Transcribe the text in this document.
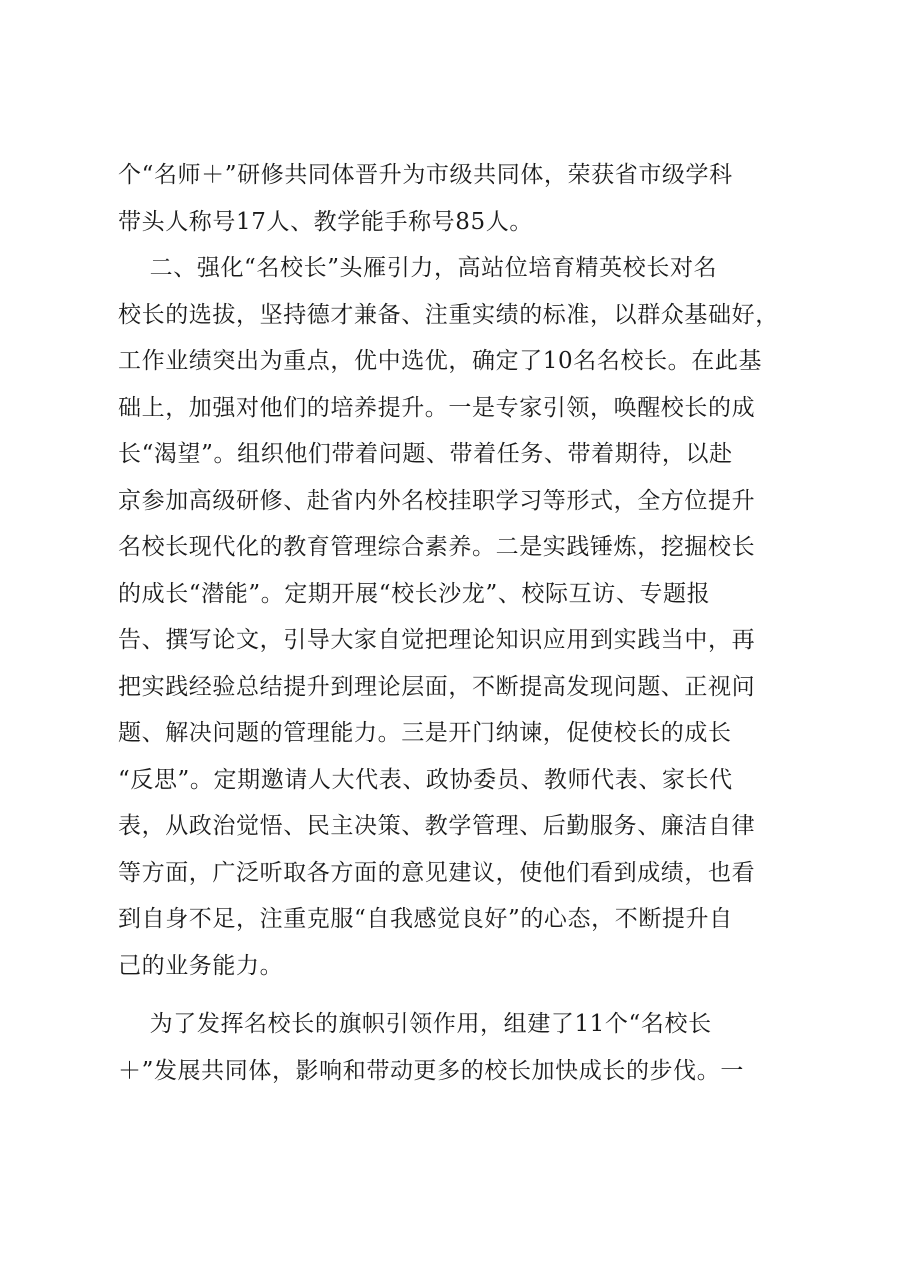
个“名师＋”研修共同体晋升为市级共同体，荣获省市级学科
带头人称号17人、教学能手称号85人。
二、强化“名校长”头雁引力，高站位培育精英校长对名
校长的选拔，坚持德才兼备、注重实绩的标准，以群众基础好，
工作业绩突出为重点，优中选优，确定了10名名校长。在此基
础上，加强对他们的培养提升。一是专家引领，唤醒校长的成
长“渴望”。组织他们带着问题、带着任务、带着期待，以赴
京参加高级研修、赴省内外名校挂职学习等形式，全方位提升
名校长现代化的教育管理综合素养。二是实践锤炼，挖掘校长
的成长“潜能”。定期开展“校长沙龙”、校际互访、专题报
告、撰写论文，引导大家自觉把理论知识应用到实践当中，再
把实践经验总结提升到理论层面，不断提高发现问题、正视问
题、解决问题的管理能力。三是开门纳谏，促使校长的成长
“反思”。定期邀请人大代表、政协委员、教师代表、家长代
表，从政治觉悟、民主决策、教学管理、后勤服务、廉洁自律
等方面，广泛听取各方面的意见建议，使他们看到成绩，也看
到自身不足，注重克服“自我感觉良好”的心态，不断提升自
己的业务能力。
为了发挥名校长的旗帜引领作用，组建了11个“名校长
＋”发展共同体，影响和带动更多的校长加快成长的步伐。一
